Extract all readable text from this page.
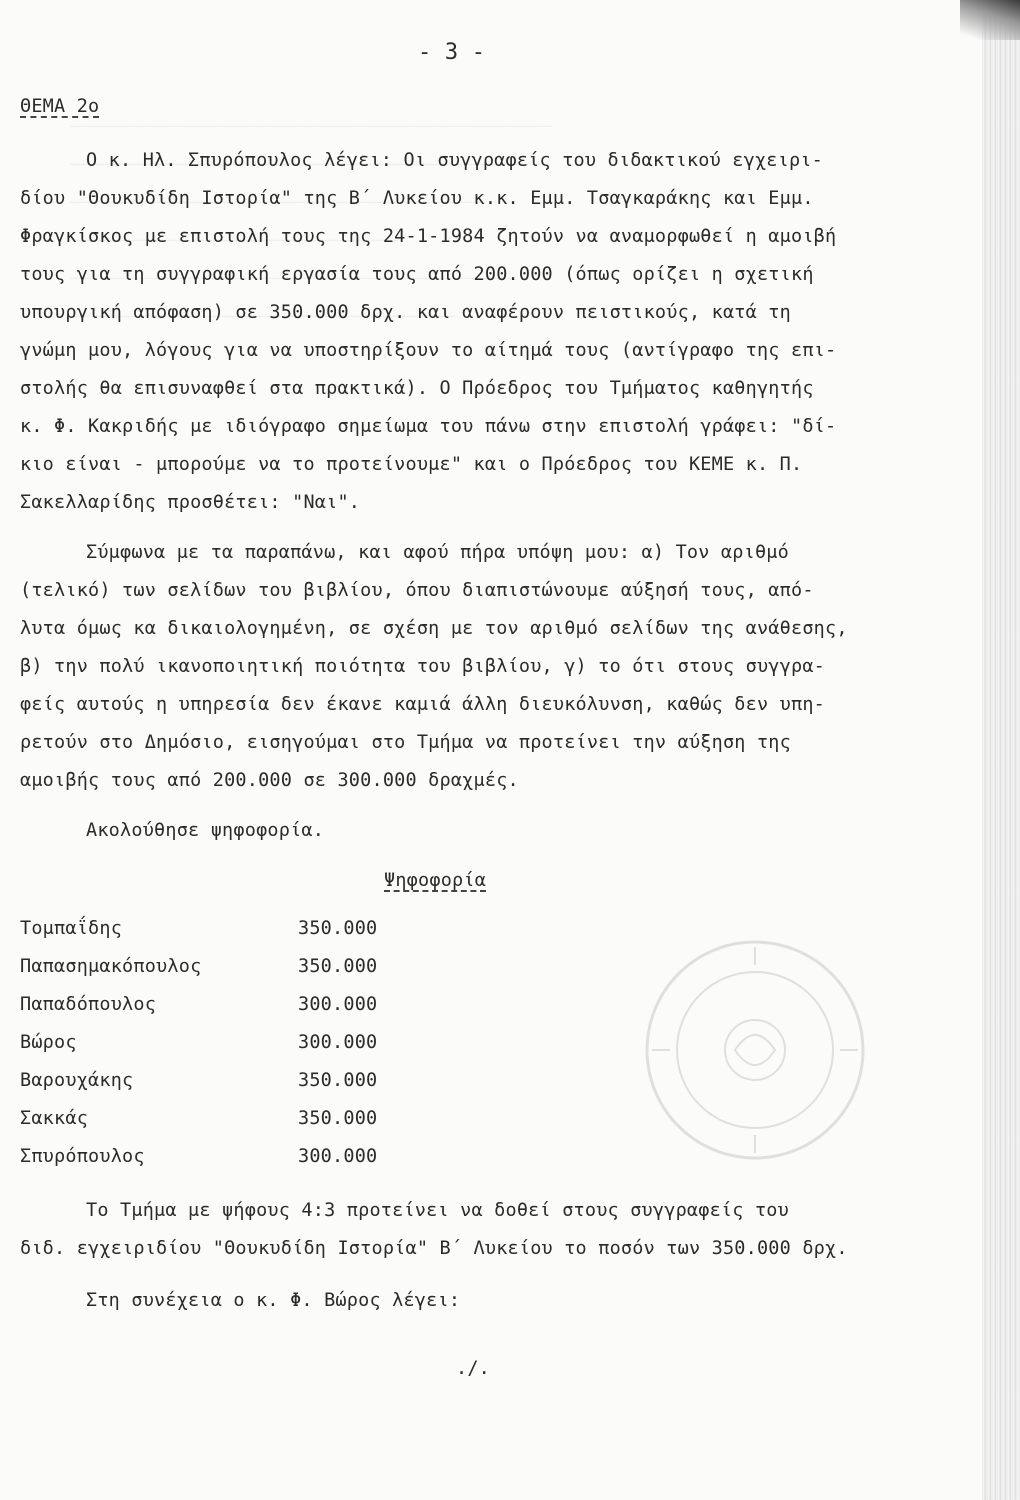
- 3 -
ΘΕΜΑ 2ο
Ο κ. Ηλ. Σπυρόπουλος λέγει: Οι συγγραφείς του διδακτικού εγχειρι-
δίου "Θουκυδίδη Ιστορία" της Β΄ Λυκείου κ.κ. Εμμ. Τσαγκαράκης και Εμμ.
Φραγκίσκος με επιστολή τους της 24-1-1984 ζητούν να αναμορφωθεί η αμοιβή
τους για τη συγγραφική εργασία τους από 200.000 (όπως ορίζει η σχετική
υπουργική απόφαση) σε 350.000 δρχ. και αναφέρουν πειστικούς, κατά τη
γνώμη μου, λόγους για να υποστηρίξουν το αίτημά τους (αντίγραφο της επι-
στολής θα επισυναφθεί στα πρακτικά). Ο Πρόεδρος του Τμήματος καθηγητής
κ. Φ. Κακριδής με ιδιόγραφο σημείωμα του πάνω στην επιστολή γράφει: "δί-
κιο είναι - μπορούμε να το προτείνουμε" και ο Πρόεδρος του ΚΕΜΕ κ. Π.
Σακελλαρίδης προσθέτει: "Ναι".
Σύμφωνα με τα παραπάνω, και αφού πήρα υπόψη μου: α) Τον αριθμό
(τελικό) των σελίδων του βιβλίου, όπου διαπιστώνουμε αύξησή τους, από-
λυτα όμως κα δικαιολογημένη, σε σχέση με τον αριθμό σελίδων της ανάθεσης,
β) την πολύ ικανοποιητική ποιότητα του βιβλίου, γ) το ότι στους συγγρα-
φείς αυτούς η υπηρεσία δεν έκανε καμιά άλλη διευκόλυνση, καθώς δεν υπη-
ρετούν στο Δημόσιο, εισηγούμαι στο Τμήμα να προτείνει την αύξηση της
αμοιβής τους από 200.000 σε 300.000 δραχμές.
Ακολούθησε ψηφοφορία.
Ψηφοφορία
Τομπαΐδης	350.000
Παπασημακόπουλος	350.000
Παπαδόπουλος	300.000
Βώρος	300.000
Βαρουχάκης	350.000
Σακκάς	350.000
Σπυρόπουλος	300.000
Το Τμήμα με ψήφους 4:3 προτείνει να δοθεί στους συγγραφείς του
διδ. εγχειριδίου "Θουκυδίδη Ιστορία" Β΄ Λυκείου το ποσόν των 350.000 δρχ.
Στη συνέχεια ο κ. Φ. Βώρος λέγει:
./.
